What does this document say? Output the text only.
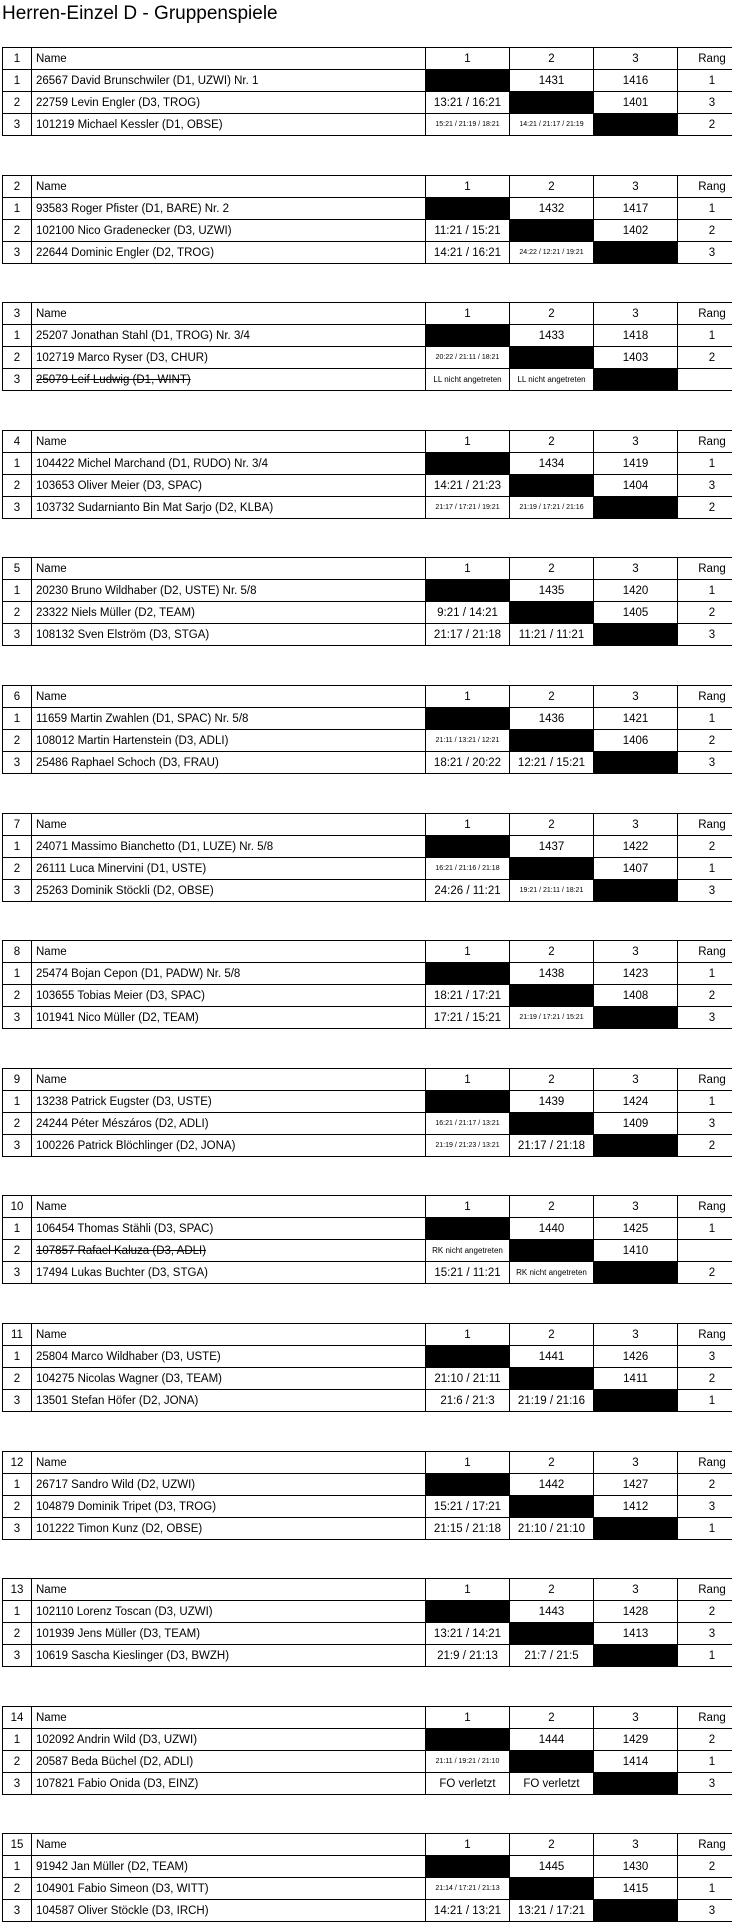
Herren-Einzel D - Gruppenspiele
1	Name	1	2	3	Rang
1	26567 David Brunschwiler (D1, UZWI) Nr. 1		1431	1416	1
2	22759 Levin Engler (D3, TROG)	13:21 / 16:21		1401	3
3	101219 Michael Kessler (D1, OBSE)	15:21 / 21:19 / 18:21	14:21 / 21:17 / 21:19		2
2	Name	1	2	3	Rang
1	93583 Roger Pfister (D1, BARE) Nr. 2		1432	1417	1
2	102100 Nico Gradenecker (D3, UZWI)	11:21 / 15:21		1402	2
3	22644 Dominic Engler (D2, TROG)	14:21 / 16:21	24:22 / 12:21 / 19:21		3
3	Name	1	2	3	Rang
1	25207 Jonathan Stahl (D1, TROG) Nr. 3/4		1433	1418	1
2	102719 Marco Ryser (D3, CHUR)	20:22 / 21:11 / 18:21		1403	2
3	25079 Leif Ludwig (D1, WINT)	LL nicht angetreten	LL nicht angetreten		
4	Name	1	2	3	Rang
1	104422 Michel Marchand (D1, RUDO) Nr. 3/4		1434	1419	1
2	103653 Oliver Meier (D3, SPAC)	14:21 / 21:23		1404	3
3	103732 Sudarnianto Bin Mat Sarjo (D2, KLBA)	21:17 / 17:21 / 19:21	21:19 / 17:21 / 21:16		2
5	Name	1	2	3	Rang
1	20230 Bruno Wildhaber (D2, USTE) Nr. 5/8		1435	1420	1
2	23322 Niels Müller (D2, TEAM)	9:21 / 14:21		1405	2
3	108132 Sven Elström (D3, STGA)	21:17 / 21:18	11:21 / 11:21		3
6	Name	1	2	3	Rang
1	11659 Martin Zwahlen (D1, SPAC) Nr. 5/8		1436	1421	1
2	108012 Martin Hartenstein (D3, ADLI)	21:11 / 13:21 / 12:21		1406	2
3	25486 Raphael Schoch (D3, FRAU)	18:21 / 20:22	12:21 / 15:21		3
7	Name	1	2	3	Rang
1	24071 Massimo Bianchetto (D1, LUZE) Nr. 5/8		1437	1422	2
2	26111 Luca Minervini (D1, USTE)	16:21 / 21:16 / 21:18		1407	1
3	25263 Dominik Stöckli (D2, OBSE)	24:26 / 11:21	19:21 / 21:11 / 18:21		3
8	Name	1	2	3	Rang
1	25474 Bojan Cepon (D1, PADW) Nr. 5/8		1438	1423	1
2	103655 Tobias Meier (D3, SPAC)	18:21 / 17:21		1408	2
3	101941 Nico Müller (D2, TEAM)	17:21 / 15:21	21:19 / 17:21 / 15:21		3
9	Name	1	2	3	Rang
1	13238 Patrick Eugster (D3, USTE)		1439	1424	1
2	24244 Péter Mészáros (D2, ADLI)	16:21 / 21:17 / 13:21		1409	3
3	100226 Patrick Blöchlinger (D2, JONA)	21:19 / 21:23 / 13:21	21:17 / 21:18		2
10	Name	1	2	3	Rang
1	106454 Thomas Stähli (D3, SPAC)		1440	1425	1
2	107857 Rafael Kaluza (D3, ADLI)	RK nicht angetreten		1410	
3	17494 Lukas Buchter (D3, STGA)	15:21 / 11:21	RK nicht angetreten		2
11	Name	1	2	3	Rang
1	25804 Marco Wildhaber (D3, USTE)		1441	1426	3
2	104275 Nicolas Wagner (D3, TEAM)	21:10 / 21:11		1411	2
3	13501 Stefan Höfer (D2, JONA)	21:6 / 21:3	21:19 / 21:16		1
12	Name	1	2	3	Rang
1	26717 Sandro Wild (D2, UZWI)		1442	1427	2
2	104879 Dominik Tripet (D3, TROG)	15:21 / 17:21		1412	3
3	101222 Timon Kunz (D2, OBSE)	21:15 / 21:18	21:10 / 21:10		1
13	Name	1	2	3	Rang
1	102110 Lorenz Toscan (D3, UZWI)		1443	1428	2
2	101939 Jens Müller (D3, TEAM)	13:21 / 14:21		1413	3
3	10619 Sascha Kieslinger (D3, BWZH)	21:9 / 21:13	21:7 / 21:5		1
14	Name	1	2	3	Rang
1	102092 Andrin Wild (D3, UZWI)		1444	1429	2
2	20587 Beda Büchel (D2, ADLI)	21:11 / 19:21 / 21:10		1414	1
3	107821 Fabio Onida (D3, EINZ)	FO verletzt	FO verletzt		3
15	Name	1	2	3	Rang
1	91942 Jan Müller (D2, TEAM)		1445	1430	2
2	104901 Fabio Simeon (D3, WITT)	21:14 / 17:21 / 21:13		1415	1
3	104587 Oliver Stöckle (D3, IRCH)	14:21 / 13:21	13:21 / 17:21		3
